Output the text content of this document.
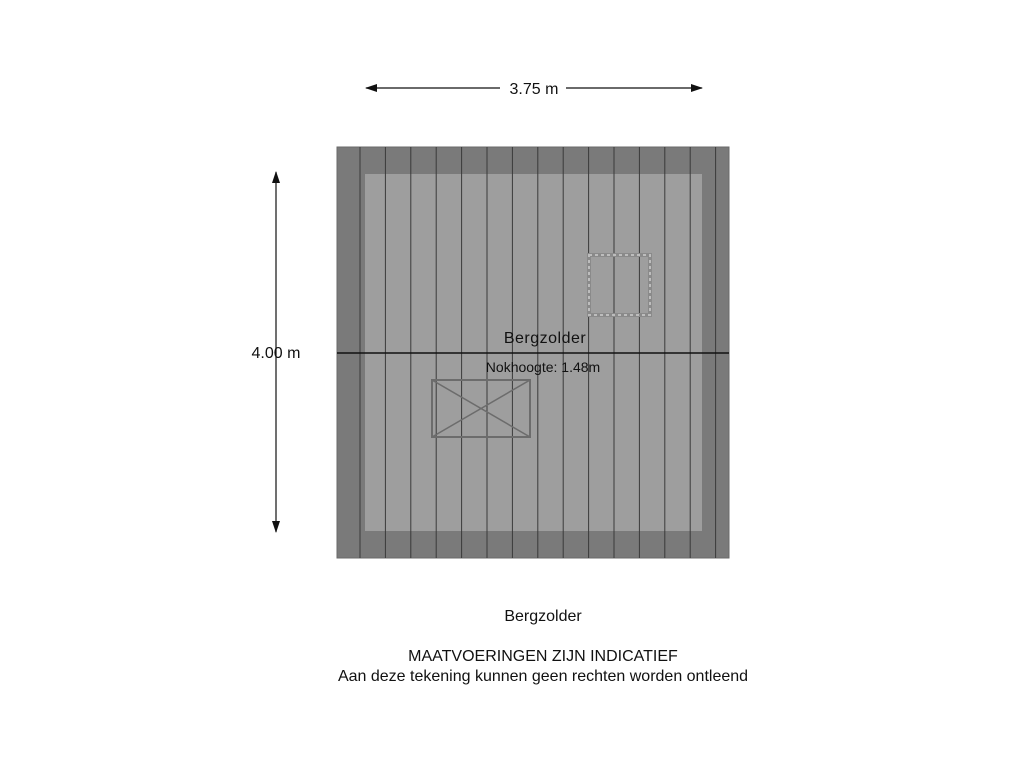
3.75 m
4.00 m
Bergzolder
Nokhoogte: 1.48m
Bergzolder
MAATVOERINGEN ZIJN INDICATIEF
Aan deze tekening kunnen geen rechten worden ontleend
